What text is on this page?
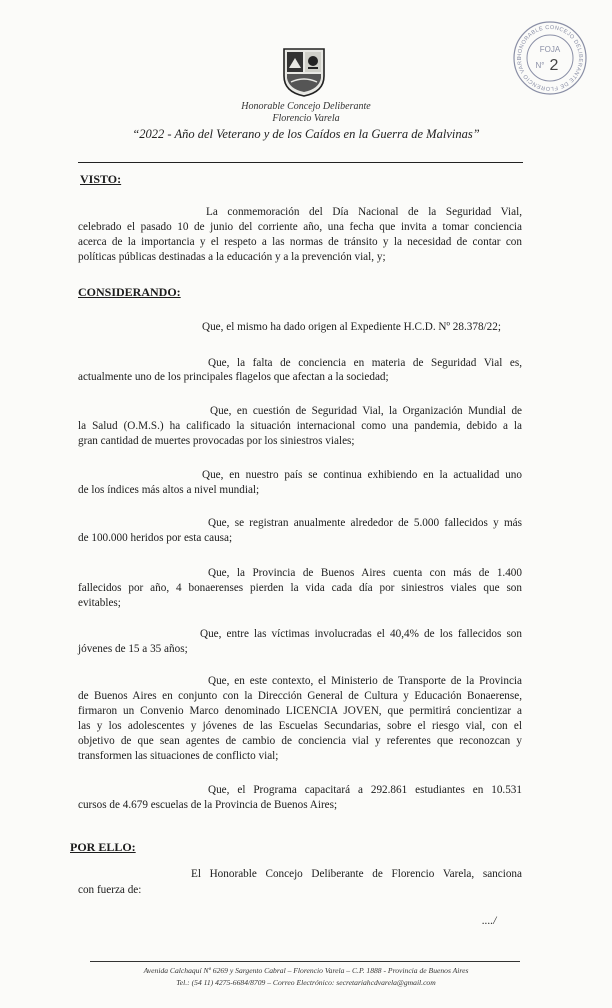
Honorable Concejo Deliberante
Florencio Varela
“2022 - Año del Veterano y de los Caídos en la Guerra de Malvinas”
HONORABLE CONCEJO DELIBERANTE DE FLORENCIO VARE
FOJA
N° 2
VISTO:
La conmemoración del Día Nacional de la Seguridad Vial,
celebrado el pasado 10 de junio del corriente año, una fecha que invita a tomar conciencia
acerca de la importancia y el respeto a las normas de tránsito y la necesidad de contar con
políticas públicas destinadas a la educación y a la prevención vial, y;
CONSIDERANDO:
Que, el mismo ha dado origen al Expediente H.C.D. Nº 28.378/22;
Que, la falta de conciencia en materia de Seguridad Vial es,
actualmente uno de los principales flagelos que afectan a la sociedad;
Que, en cuestión de Seguridad Vial, la Organización Mundial de
la Salud (O.M.S.) ha calificado la situación internacional como una pandemia, debido a la
gran cantidad de muertes provocadas por los siniestros viales;
Que, en nuestro país se continua exhibiendo en la actualidad uno
de los índices más altos a nivel mundial;
Que, se registran anualmente alrededor de 5.000 fallecidos y más
de 100.000 heridos por esta causa;
Que, la Provincia de Buenos Aires cuenta con más de 1.400
fallecidos por año, 4 bonaerenses pierden la vida cada día por siniestros viales que son
evitables;
Que, entre las víctimas involucradas el 40,4% de los fallecidos son
jóvenes de 15 a 35 años;
Que, en este contexto, el Ministerio de Transporte de la Provincia
de Buenos Aires en conjunto con la Dirección General de Cultura y Educación Bonaerense,
firmaron un Convenio Marco denominado LICENCIA JOVEN, que permitirá concientizar a
las y los adolescentes y jóvenes de las Escuelas Secundarias, sobre el riesgo vial, con el
objetivo de que sean agentes de cambio de conciencia vial y referentes que reconozcan y
transformen las situaciones de conflicto vial;
Que, el Programa capacitará a 292.861 estudiantes en 10.531
cursos de 4.679 escuelas de la Provincia de Buenos Aires;
POR ELLO:
El Honorable Concejo Deliberante de Florencio Varela, sanciona
con fuerza de:
..../
Avenida Calchaquí Nº 6269 y Sargento Cabral – Florencio Varela – C.P. 1888 - Provincia de Buenos Aires
Tel.: (54 11) 4275-6684/8709 – Correo Electrónico: secretariahcdvarela@gmail.com
